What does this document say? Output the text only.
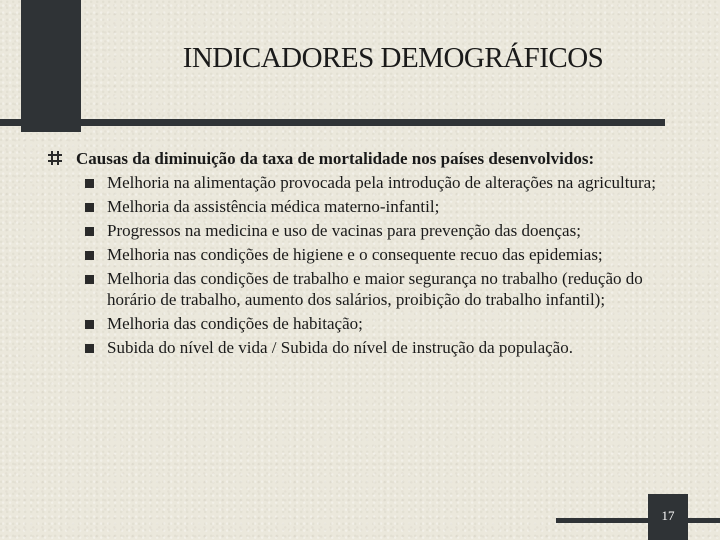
INDICADORES DEMOGRÁFICOS
Causas da diminuição da taxa de mortalidade nos países desenvolvidos:
Melhoria na alimentação provocada pela introdução de alterações na agricultura;
Melhoria da assistência médica materno-infantil;
Progressos na medicina e uso de vacinas para prevenção das doenças;
Melhoria nas condições de higiene e o consequente recuo das epidemias;
Melhoria das condições de trabalho e maior segurança no trabalho (redução do horário de trabalho, aumento dos salários, proibição do trabalho infantil);
Melhoria das condições de habitação;
Subida do nível de vida / Subida do nível de instrução da população.
17
